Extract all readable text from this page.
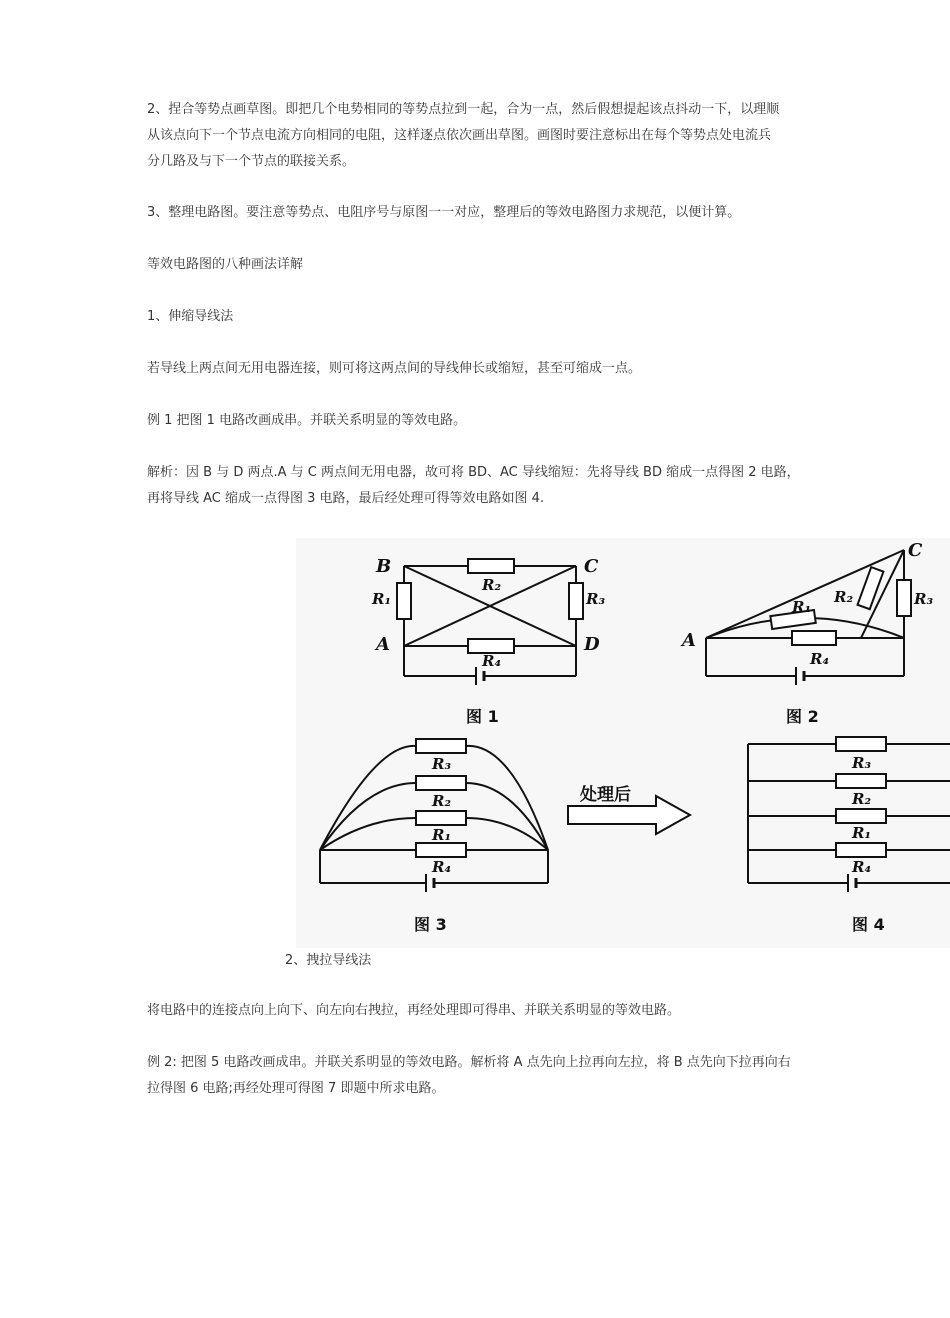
2、捏合等势点画草图。即把几个电势相同的等势点拉到一起，合为一点，然后假想提起该点抖动一下，以理顺
从该点向下一个节点电流方向相同的电阻，这样逐点依次画出草图。画图时要注意标出在每个等势点处电流兵
分几路及与下一个节点的联接关系。

3、整理电路图。要注意等势点、电阻序号与原图一一对应，整理后的等效电路图力求规范，以便计算。

等效电路图的八种画法详解

1、伸缩导线法

若导线上两点间无用电器连接，则可将这两点间的导线伸长或缩短，甚至可缩成一点。

例 1 把图 1 电路改画成串。并联关系明显的等效电路。

解析：因 B 与 D 两点.A 与 C 两点间无用电器，故可将 BD、AC 导线缩短：先将导线 BD 缩成一点得图 2 电路，
再将导线 AC 缩成一点得图 3 电路，最后经处理可得等效电路如图 4.

B	C
A	D
R₁
R₂
R₃
R₄
图 1
C
A
R₁
R₂	R₃
R₄
图 2
R₃
R₂
R₁
R₄
图 3
处理后
R₃
R₂
R₁
R₄
图 4

2、拽拉导线法

将电路中的连接点向上向下、向左向右拽拉，再经处理即可得串、并联关系明显的等效电路。

例 2: 把图 5 电路改画成串。并联关系明显的等效电路。解析将 A 点先向上拉再向左拉，将 B 点先向下拉再向右
拉得图 6 电路;再经处理可得图 7 即题中所求电路。
